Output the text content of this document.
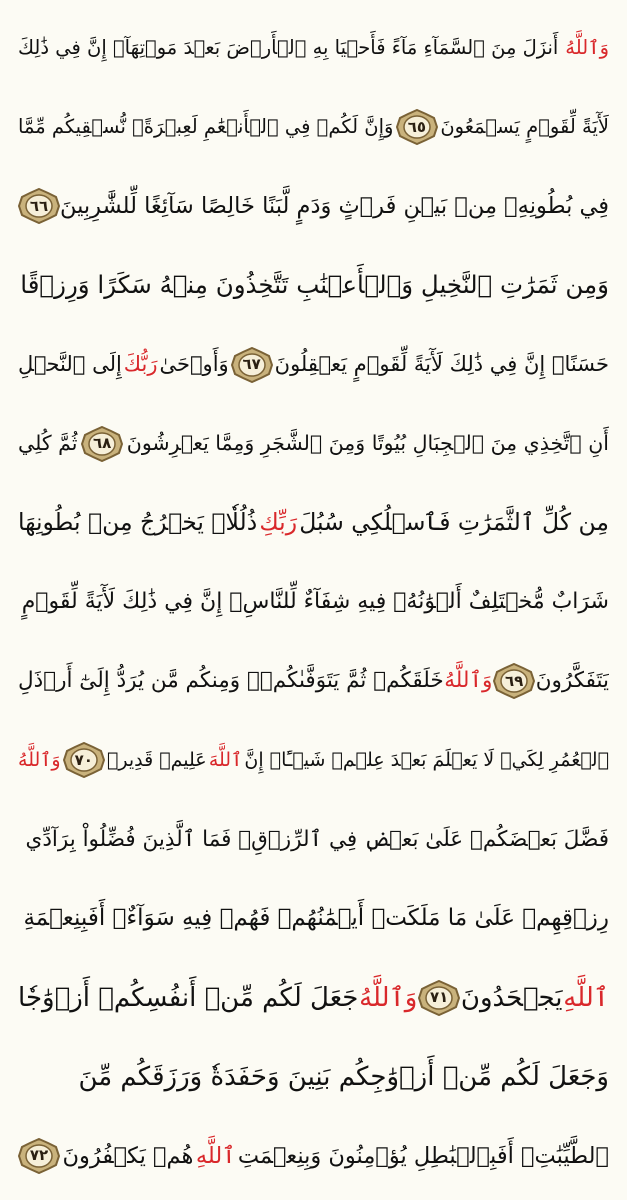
وَٱللَّهُ
أَنزَلَ مِنَ ٱلسَّمَآءِ مَآءً فَأَحۡيَا بِهِ ٱلۡأَرۡضَ بَعۡدَ مَوۡتِهَآۚ إِنَّ فِي ذَٰلِكَ
لَأٓيَةً لِّقَوۡمٍ يَسۡمَعُونَ
٦٥
وَإِنَّ لَكُمۡ فِي ٱلۡأَنۡعَٰمِ لَعِبۡرَةًۖ نُّسۡقِيكُم مِّمَّا
فِي بُطُونِهِۦ مِنۢ بَيۡنِ فَرۡثٍ وَدَمٍ لَّبَنًا خَالِصًا سَآئِغًا لِّلشَّٰرِبِينَ
٦٦
وَمِن ثَمَرَٰتِ ٱلنَّخِيلِ وَٱلۡأَعۡنَٰبِ تَتَّخِذُونَ مِنۡهُ سَكَرًا وَرِزۡقًا
حَسَنًاۚ إِنَّ فِي ذَٰلِكَ لَأٓيَةً لِّقَوۡمٍ يَعۡقِلُونَ
٦٧
وَأَوۡحَىٰ
رَبُّكَ
إِلَى ٱلنَّحۡلِ
أَنِ ٱتَّخِذِي مِنَ ٱلۡجِبَالِ بُيُوتًا وَمِنَ ٱلشَّجَرِ وَمِمَّا يَعۡرِشُونَ
٦٨
ثُمَّ كُلِي
مِن كُلِّ ٱلثَّمَرَٰتِ فَٱسۡلُكِي سُبُلَ
رَبِّكِ
ذُلُلٗاۚ يَخۡرُجُ مِنۢ بُطُونِهَا
شَرَابٌ مُّخۡتَلِفٌ أَلۡوَٰنُهُۥ فِيهِ شِفَآءٌ لِّلنَّاسِۚ إِنَّ فِي ذَٰلِكَ لَأٓيَةً لِّقَوۡمٍ
يَتَفَكَّرُونَ
٦٩
وَٱللَّهُ
خَلَقَكُمۡ ثُمَّ يَتَوَفَّىٰكُمۡۚ وَمِنكُم مَّن يُرَدُّ إِلَىٰٓ أَرۡذَلِ
ٱلۡعُمُرِ لِكَيۡ لَا يَعۡلَمَ بَعۡدَ عِلۡمٖ شَيۡـًٔاۚ إِنَّ
ٱللَّهَ
عَلِيمٞ قَدِيرٞ
٧٠
وَٱللَّهُ
فَضَّلَ بَعۡضَكُمۡ عَلَىٰ بَعۡضٖ فِي ٱلرِّزۡقِۚ فَمَا ٱلَّذِينَ فُضِّلُواْ بِرَآدِّي
رِزۡقِهِمۡ عَلَىٰ مَا مَلَكَتۡ أَيۡمَٰنُهُمۡ فَهُمۡ فِيهِ سَوَآءٌۚ أَفَبِنِعۡمَةِ
ٱللَّهِ
يَجۡحَدُونَ
٧١
وَٱللَّهُ
جَعَلَ لَكُم مِّنۡ أَنفُسِكُمۡ أَزۡوَٰجٗا
وَجَعَلَ لَكُم مِّنۡ أَزۡوَٰجِكُم بَنِينَ وَحَفَدَةٗ وَرَزَقَكُم مِّنَ
ٱلطَّيِّبَٰتِۚ أَفَبِٱلۡبَٰطِلِ يُؤۡمِنُونَ وَبِنِعۡمَتِ
ٱللَّهِ
هُمۡ يَكۡفُرُونَ
٧٢
